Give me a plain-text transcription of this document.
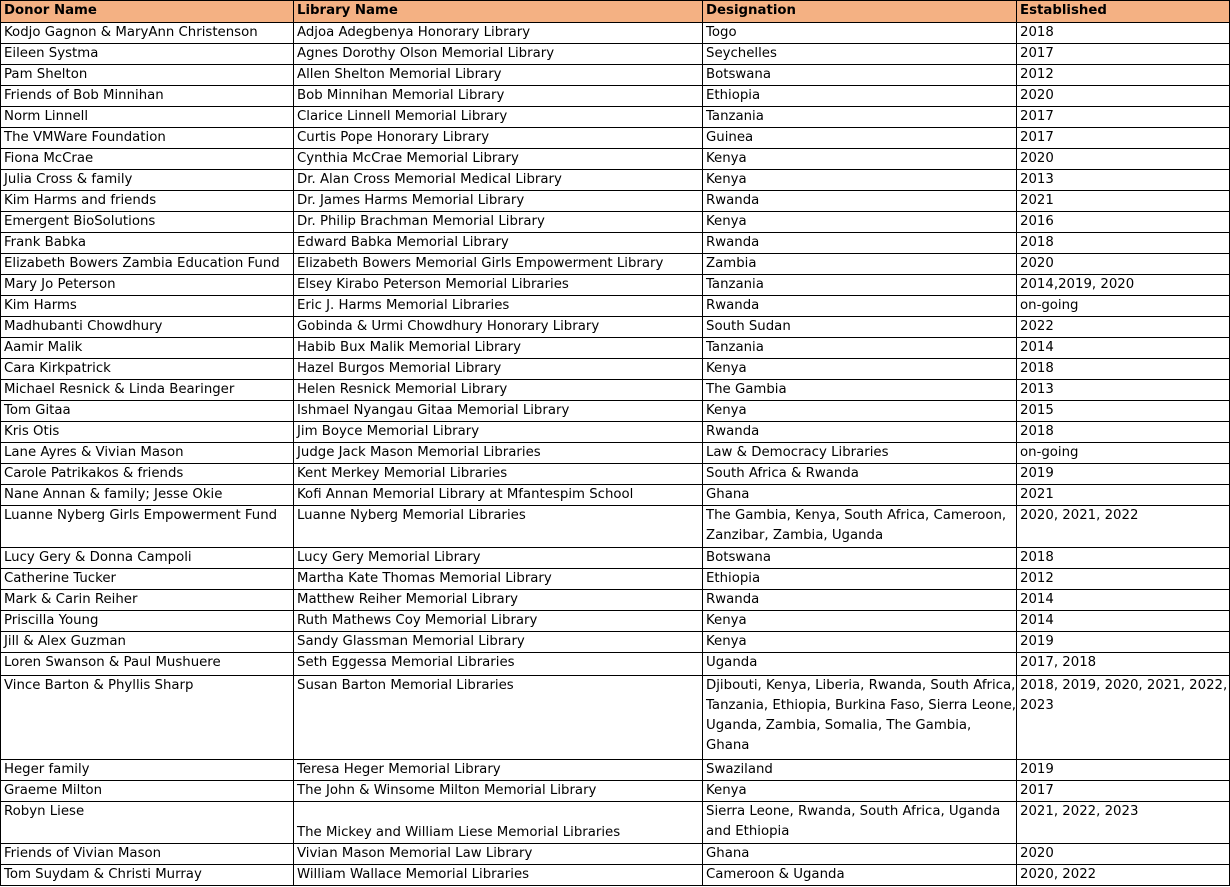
Donor Name	Library Name	Designation	Established
Kodjo Gagnon & MaryAnn Christenson	Adjoa Adegbenya Honorary Library	Togo	2018
Eileen Systma	Agnes Dorothy Olson Memorial Library	Seychelles	2017
Pam Shelton	Allen Shelton Memorial Library	Botswana	2012
Friends of Bob Minnihan	Bob Minnihan Memorial Library	Ethiopia	2020
Norm Linnell	Clarice Linnell Memorial Library	Tanzania	2017
The VMWare Foundation	Curtis Pope Honorary Library	Guinea	2017
Fiona McCrae	Cynthia McCrae Memorial Library	Kenya	2020
Julia Cross & family	Dr. Alan Cross Memorial Medical Library	Kenya	2013
Kim Harms and friends	Dr. James Harms Memorial Library	Rwanda	2021
Emergent BioSolutions	Dr. Philip Brachman Memorial Library	Kenya	2016
Frank Babka	Edward Babka Memorial Library	Rwanda	2018
Elizabeth Bowers Zambia Education Fund	Elizabeth Bowers Memorial Girls Empowerment Library	Zambia	2020
Mary Jo Peterson	Elsey Kirabo Peterson Memorial Libraries	Tanzania	2014,2019, 2020
Kim Harms	Eric J. Harms Memorial Libraries	Rwanda	on-going
Madhubanti Chowdhury	Gobinda & Urmi Chowdhury Honorary Library	South Sudan	2022
Aamir Malik	Habib Bux Malik Memorial Library	Tanzania	2014
Cara Kirkpatrick	Hazel Burgos Memorial Library	Kenya	2018
Michael Resnick & Linda Bearinger	Helen Resnick Memorial Library	The Gambia	2013
Tom Gitaa	Ishmael Nyangau Gitaa Memorial Library	Kenya	2015
Kris Otis	Jim Boyce Memorial Library	Rwanda	2018
Lane Ayres & Vivian Mason	Judge Jack Mason Memorial Libraries	Law & Democracy Libraries	on-going
Carole Patrikakos & friends	Kent Merkey Memorial Libraries	South Africa & Rwanda	2019
Nane Annan & family; Jesse Okie	Kofi Annan Memorial Library at Mfantespim School	Ghana	2021
Luanne Nyberg Girls Empowerment Fund	Luanne Nyberg Memorial Libraries	The Gambia, Kenya, South Africa, Cameroon, Zanzibar, Zambia, Uganda	2020, 2021, 2022
Lucy Gery & Donna Campoli	Lucy Gery Memorial Library	Botswana	2018
Catherine Tucker	Martha Kate Thomas Memorial Library	Ethiopia	2012
Mark & Carin Reiher	Matthew Reiher Memorial Library	Rwanda	2014
Priscilla Young	Ruth Mathews Coy Memorial Library	Kenya	2014
Jill & Alex Guzman	Sandy Glassman Memorial Library	Kenya	2019
Loren Swanson & Paul Mushuere	Seth Eggessa Memorial Libraries	Uganda	2017, 2018
Vince Barton & Phyllis Sharp	Susan Barton Memorial Libraries	Djibouti, Kenya, Liberia, Rwanda, South Africa, Tanzania, Ethiopia, Burkina Faso, Sierra Leone, Uganda, Zambia, Somalia, The Gambia, Ghana	2018, 2019, 2020, 2021, 2022, 2023
Heger family	Teresa Heger Memorial Library	Swaziland	2019
Graeme Milton	The John & Winsome Milton Memorial Library	Kenya	2017
Robyn Liese	The Mickey and William Liese Memorial Libraries	Sierra Leone, Rwanda, South Africa, Uganda and Ethiopia	2021, 2022, 2023
Friends of Vivian Mason	Vivian Mason Memorial Law Library	Ghana	2020
Tom Suydam & Christi Murray	William Wallace Memorial Libraries	Cameroon & Uganda	2020, 2022
